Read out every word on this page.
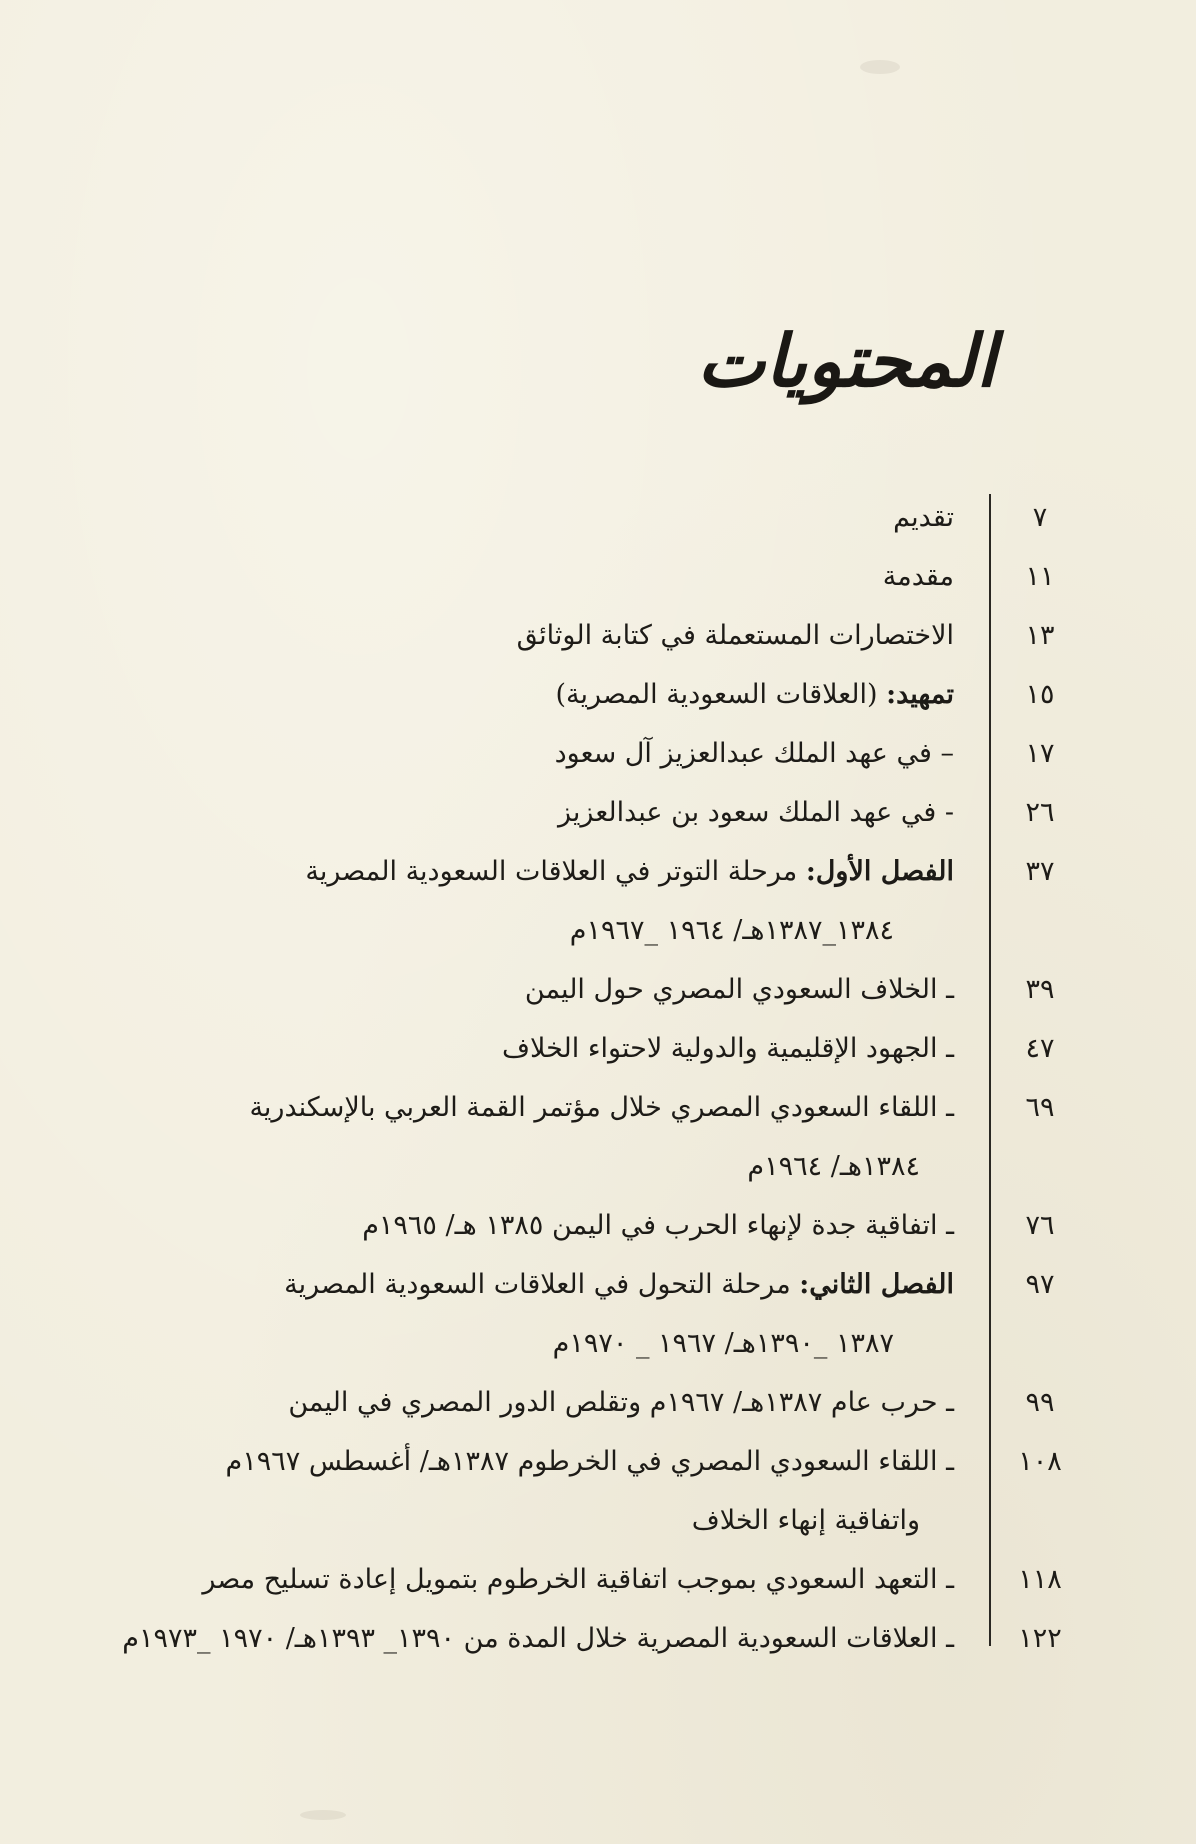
المحتويات
٧
تقديم
١١
مقدمة
١٣
الاختصارات المستعملة في كتابة الوثائق
١٥
تمهيد: (العلاقات السعودية المصرية)
١٧
– في عهد الملك عبدالعزيز آل سعود
٢٦
- في عهد الملك سعود بن عبدالعزيز
٣٧
الفصل الأول: مرحلة التوتر في العلاقات السعودية المصرية
١٣٨٤_١٣٨٧هـ/ ١٩٦٤ _١٩٦٧م
٣٩
ـ الخلاف السعودي المصري حول اليمن
٤٧
ـ الجهود الإقليمية والدولية لاحتواء الخلاف
٦٩
ـ اللقاء السعودي المصري خلال مؤتمر القمة العربي بالإسكندرية
١٣٨٤هـ/ ١٩٦٤م
٧٦
ـ اتفاقية جدة لإنهاء الحرب في اليمن ١٣٨٥ هـ/ ١٩٦٥م
٩٧
الفصل الثاني: مرحلة التحول في العلاقات السعودية المصرية
١٣٨٧ _١٣٩٠هـ/ ١٩٦٧ _ ١٩٧٠م
٩٩
ـ حرب عام ١٣٨٧هـ/ ١٩٦٧م وتقلص الدور المصري في اليمن
١٠٨
ـ اللقاء السعودي المصري في الخرطوم ١٣٨٧هـ/ أغسطس ١٩٦٧م
واتفاقية إنهاء الخلاف
١١٨
ـ التعهد السعودي بموجب اتفاقية الخرطوم بتمويل إعادة تسليح مصر
١٢٢
ـ العلاقات السعودية المصرية خلال المدة من ١٣٩٠_ ١٣٩٣هـ/ ١٩٧٠ _١٩٧٣م
